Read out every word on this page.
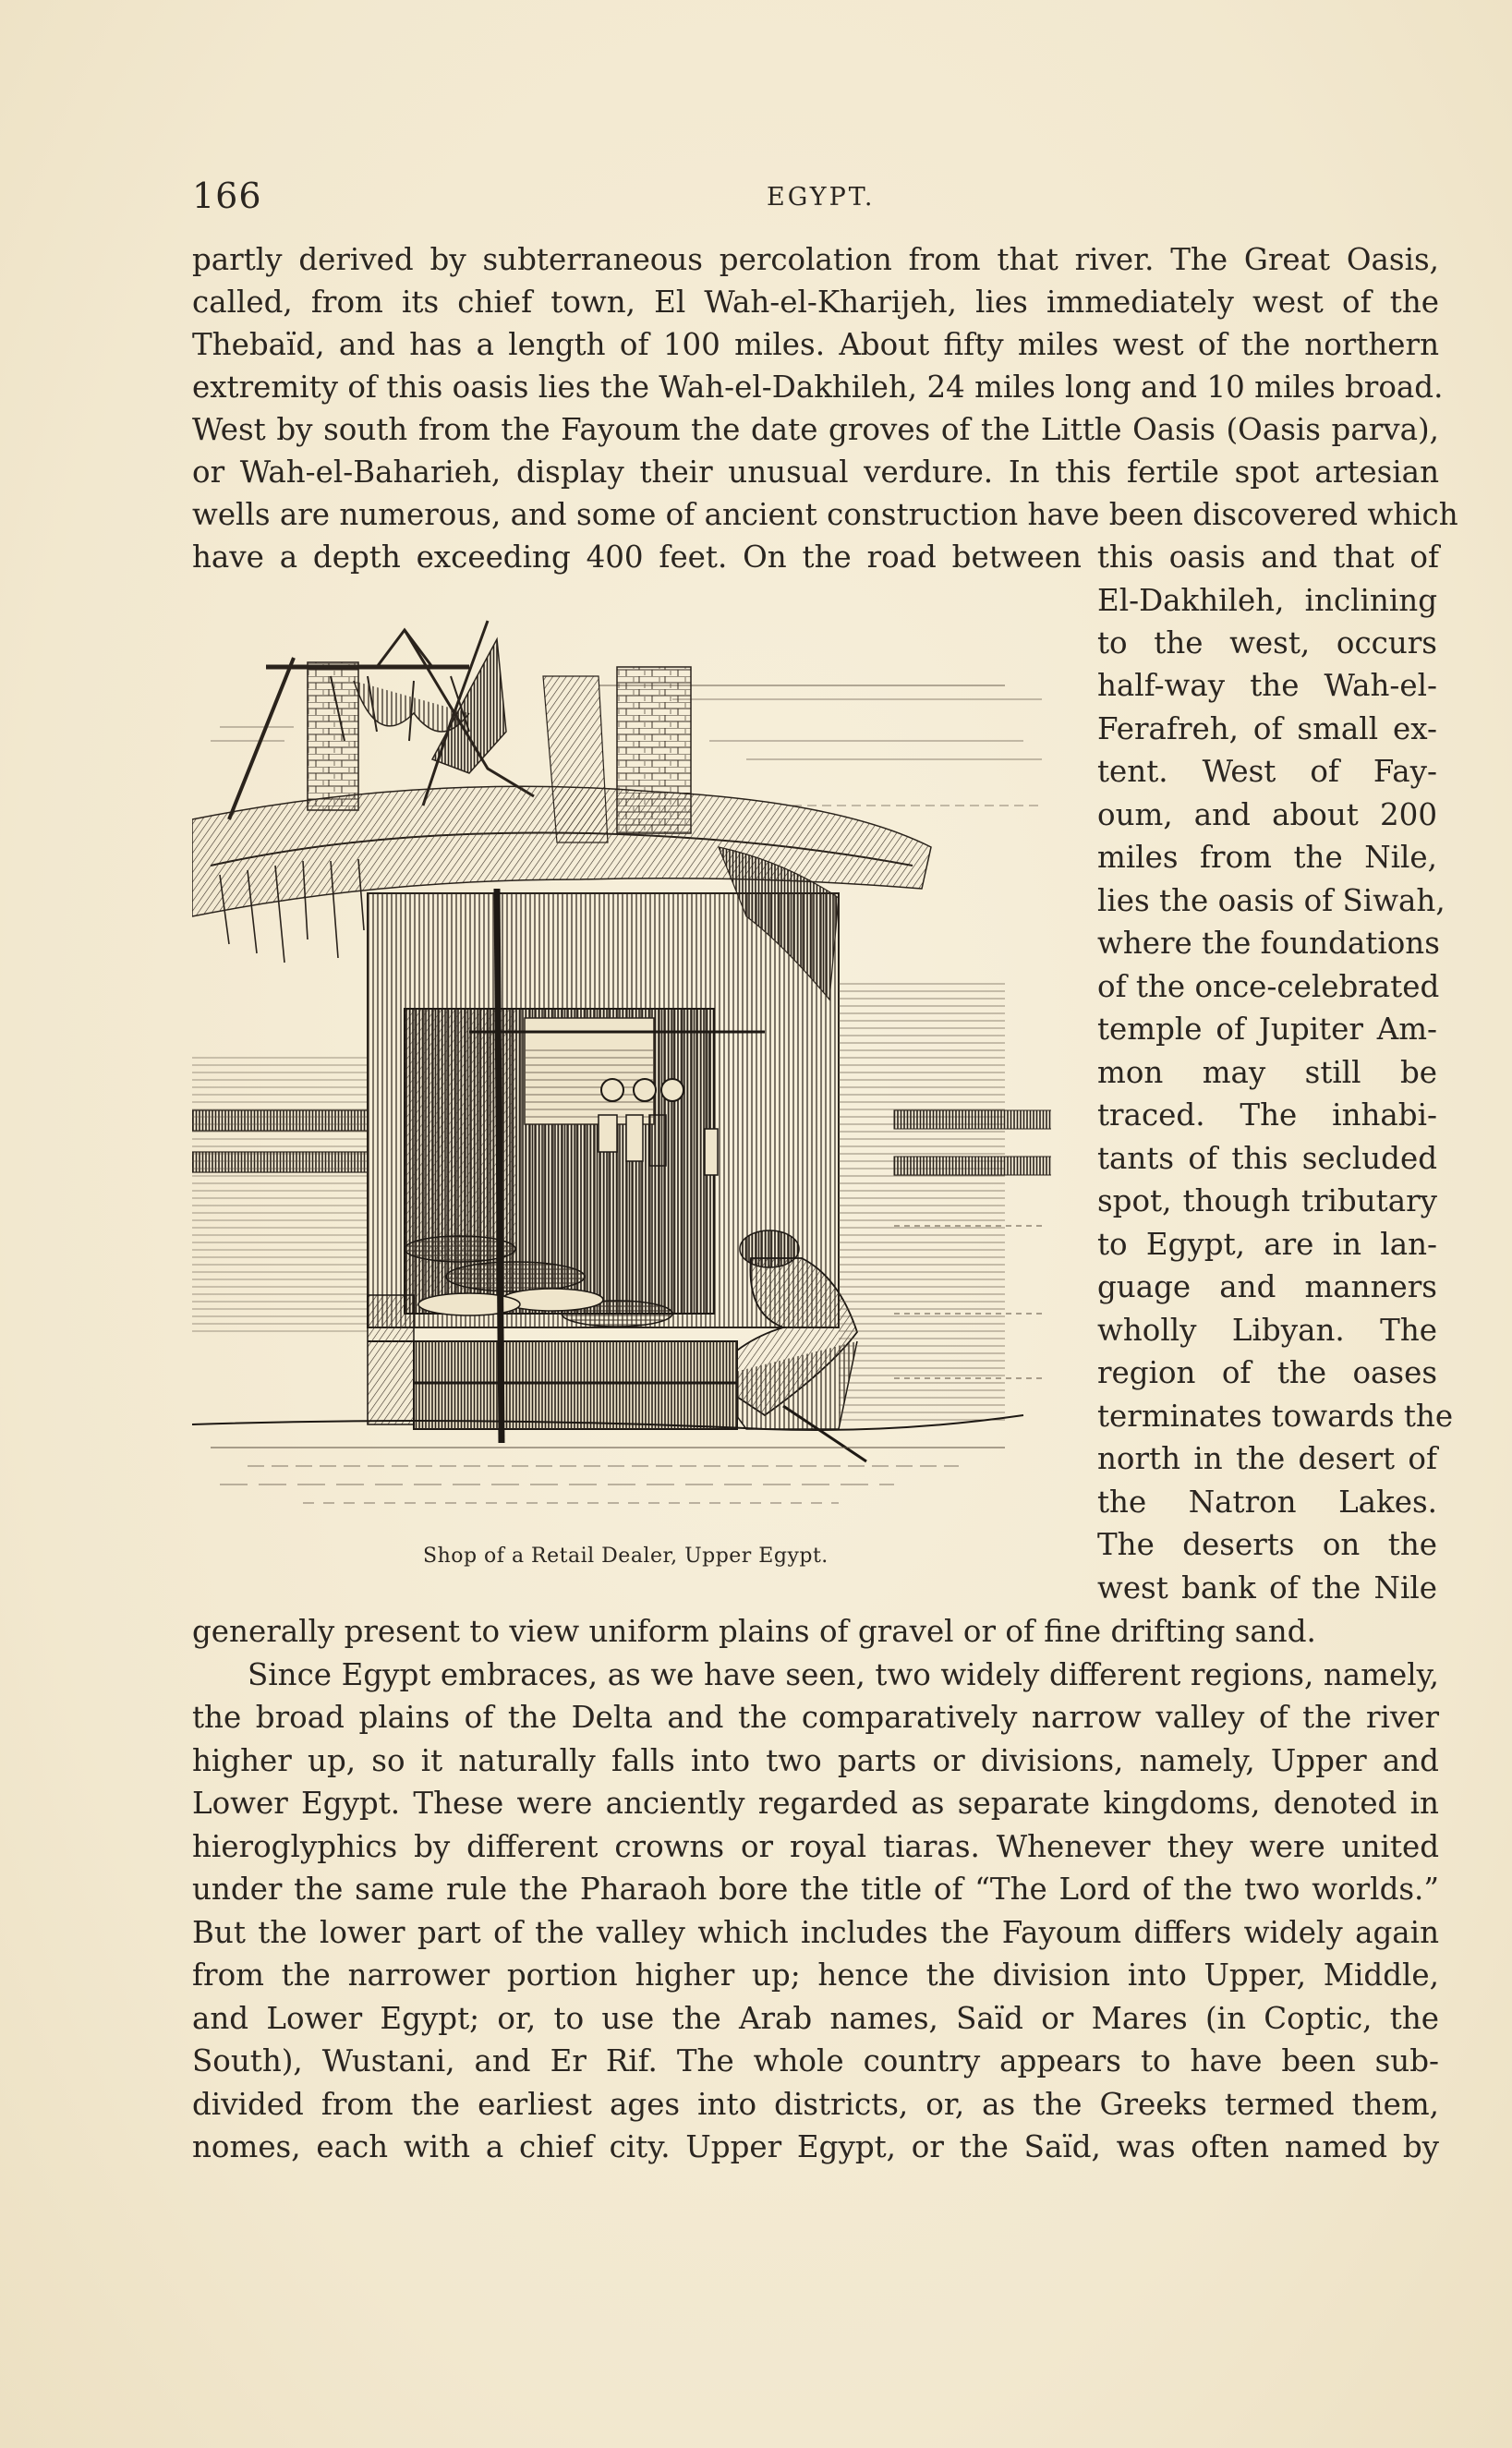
166	EGYPT.
partly derived by subterraneous percolation from that river. The Great Oasis,
called, from its chief town, El Wah-el-Kharijeh, lies immediately west of the
Thebaïd, and has a length of 100 miles. About fifty miles west of the northern
extremity of this oasis lies the Wah-el-Dakhileh, 24 miles long and 10 miles broad.
West by south from the Fayoum the date groves of the Little Oasis (Oasis parva),
or Wah-el-Baharieh, display their unusual verdure. In this fertile spot artesian
wells are numerous, and some of ancient construction have been discovered which
have a depth exceeding 400 feet. On the road between this oasis and that of
El-Dakhileh, inclining
to the west, occurs
half-way the Wah-el-
Ferafreh, of small ex-
tent. West of Fay-
oum, and about 200
miles from the Nile,
lies the oasis of Siwah,
where the foundations
of the once-celebrated
temple of Jupiter Am-
mon may still be
traced. The inhabi-
tants of this secluded
spot, though tributary
to Egypt, are in lan-
guage and manners
wholly Libyan. The
region of the oases
terminates towards the
north in the desert of
the Natron Lakes.
The deserts on the
west bank of the Nile
generally present to view uniform plains of gravel or of fine drifting sand.
Since Egypt embraces, as we have seen, two widely different regions, namely,
the broad plains of the Delta and the comparatively narrow valley of the river
higher up, so it naturally falls into two parts or divisions, namely, Upper and
Lower Egypt. These were anciently regarded as separate kingdoms, denoted in
hieroglyphics by different crowns or royal tiaras. Whenever they were united
under the same rule the Pharaoh bore the title of “The Lord of the two worlds.”
But the lower part of the valley which includes the Fayoum differs widely again
from the narrower portion higher up; hence the division into Upper, Middle,
and Lower Egypt; or, to use the Arab names, Saïd or Mares (in Coptic, the
South), Wustani, and Er Rif. The whole country appears to have been sub-
divided from the earliest ages into districts, or, as the Greeks termed them,
nomes, each with a chief city. Upper Egypt, or the Saïd, was often named by
Shop of a Retail Dealer, Upper Egypt.
